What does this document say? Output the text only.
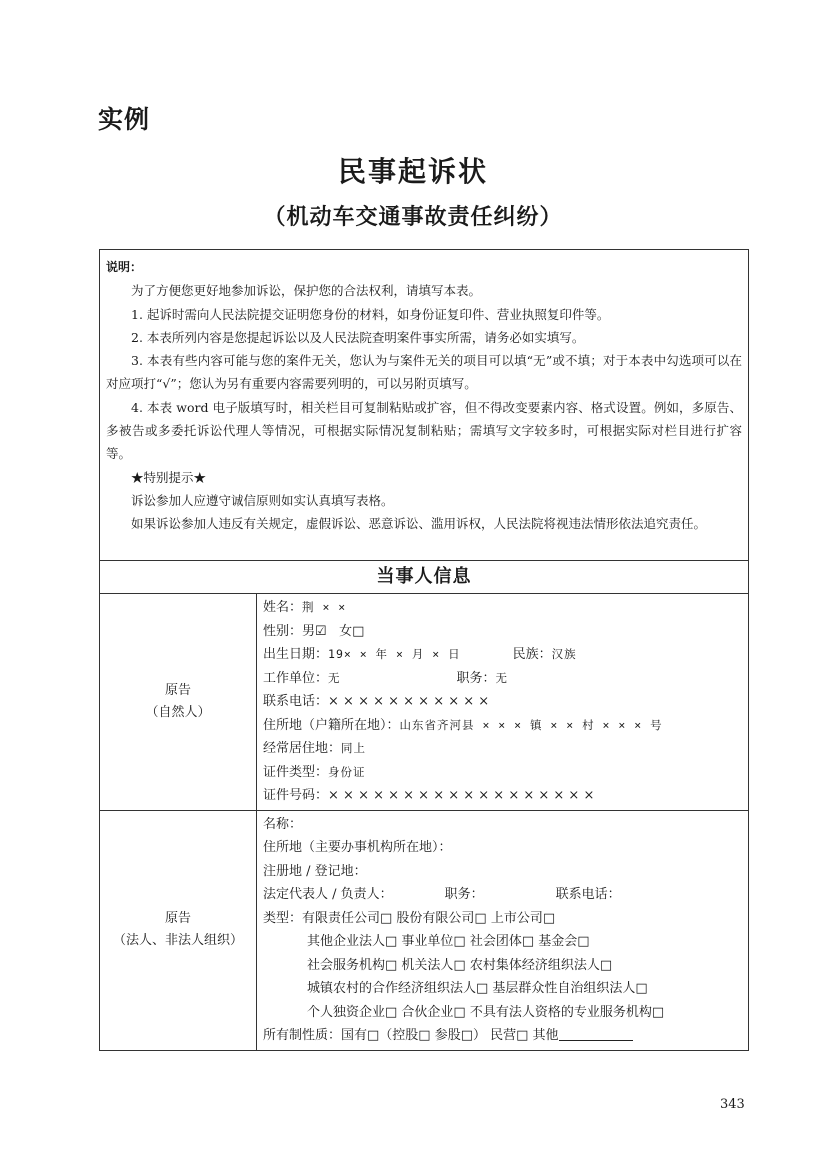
实例
民事起诉状
（机动车交通事故责任纠纷）
说明：

为了方便您更好地参加诉讼，保护您的合法权利，请填写本表。

1. 起诉时需向人民法院提交证明您身份的材料，如身份证复印件、营业执照复印件等。

2. 本表所列内容是您提起诉讼以及人民法院查明案件事实所需，请务必如实填写。

3. 本表有些内容可能与您的案件无关，您认为与案件无关的项目可以填“无”或不填；对于本表中勾选项可以在对应项打“√”；您认为另有重要内容需要列明的，可以另附页填写。

4. 本表 word 电子版填写时，相关栏目可复制粘贴或扩容，但不得改变要素内容、格式设置。例如，多原告、多被告或多委托诉讼代理人等情况，可根据实际情况复制粘贴；需填写文字较多时，可根据实际对栏目进行扩容等。

★特别提示★

诉讼参加人应遵守诚信原则如实认真填写表格。

如果诉讼参加人违反有关规定，虚假诉讼、恶意诉讼、滥用诉权，人民法院将视违法情形依法追究责任。

当事人信息
原告
（自然人）
姓名：荆 × ×
性别：男☑ 女□
出生日期：19× × 年 × 月 × 日	民族：汉族
工作单位：无	职务：无
联系电话：× × × × × × × × × × ×
住所地（户籍所在地）：山东省齐河县 × × × 镇 × × 村 × × × 号
经常居住地：同上
证件类型：身份证
证件号码：× × × × × × × × × × × × × × × × × ×
原告
（法人、非法人组织）
名称：
住所地（主要办事机构所在地）：
注册地 / 登记地：
法定代表人 / 负责人：	职务：	联系电话：
类型：有限责任公司□ 股份有限公司□ 上市公司□
其他企业法人□ 事业单位□ 社会团体□ 基金会□
社会服务机构□ 机关法人□ 农村集体经济组织法人□
城镇农村的合作经济组织法人□ 基层群众性自治组织法人□
个人独资企业□ 合伙企业□ 不具有法人资格的专业服务机构□
所有制性质：国有□（控股□ 参股□） 民营□ 其他
343
